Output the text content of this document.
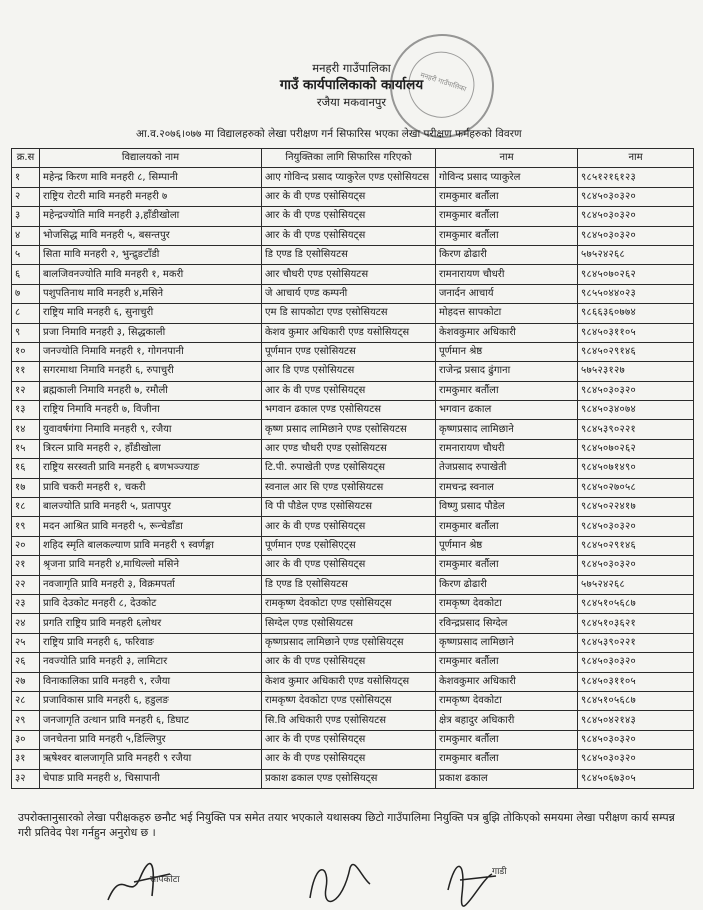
मनहरी गाउँपालिका
मनहरी गाउँपालिका
गाउँ कार्यपालिकाको कार्यालय
रजैया मकवानपुर
आ.व.२०७६।०७७ मा विद्यालहरुको लेखा परीक्षण गर्न सिफारिस भएका लेखा परीक्षण फर्महरुको विवरण
क्र.स	विद्यालयको नाम	नियुक्तिका लागि सिफारिस गरिएको	नाम	नाम
१	महेन्द्र किरण मावि मनहरी ८, सिम्पानी	आए गोविन्द प्रसाद प्याकुरेल एण्ड एसोसियटस	गोविन्द प्रसाद प्याकुरेल	९८५१२१६१२३
२	राष्ट्रिय रोटरी मावि मनहरी मनहरी ७	आर के वी एण्ड एसोसियट्स	रामकुमार बर्तौला	९८४५०३०३२०
३	महेन्द्रज्योति मावि मनहरी ३,हाँडीखोला	आर के वी एण्ड एसोसियट्स	रामकुमार बर्तौला	९८४५०३०३२०
४	भोजसिद्ध मावि मनहरी ५, बसन्तपुर	आर के वी एण्ड एसोसियट्स	रामकुमार बर्तौला	९८४५०३०३२०
५	सिता मावि मनहरी २, भुन्द्रुङटाँडी	डि एण्ड डि एसोसियटस	किरण ढोढारी	५७५२४२६८
६	बालजिवनज्योति मावि मनहरी १, मकरी	आर चौधरी एण्ड एसोसियटस	रामनारायण चौधरी	९८४५०७०२६२
७	पशुपतिनाथ मावि मनहरी ४,मसिने	जे आचार्य एण्ड कम्पनी	जनार्दन आचार्य	९८५५०४४०२३
८	राष्ट्रिय मावि मनहरी ६, सुनाचुरी	एम डि सापकोटा एण्ड एसोसियटस	मोहदत्त सापकोटा	९८६६३६०७७४
९	प्रजा निमावि मनहरी ३, सिद्धकाली	केशव कुमार अधिकारी एण्ड यसोसियट्स	केशवकुमार अधिकारी	९८४५०३११०५
१०	जनज्योति निमावि मनहरी १, गोगनपानी	पूर्णमान एण्ड एसोसियटस	पूर्णमान श्रेष्ठ	९८४५०२९१४६
११	सगरमाथा निमावि मनहरी ६, रुपाचुरी	आर डि एण्ड एसोसियटस	राजेन्द्र प्रसाद ढुंगाना	५७५२३१२७
१२	ब्रह्मकाली निमावि मनहरी ७, रमौली	आर के वी एण्ड एसोसियट्स	रामकुमार बर्तौला	९८४५०३०३२०
१३	राष्ट्रिय निमावि मनहरी ७, विजीना	भगवान ढकाल एण्ड एसोसियटस	भगवान ढकाल	९८४५०३४०७४
१४	युवावर्षगंगा निमावि मनहरी ९, रजैया	कृष्ण प्रसाद लामिछाने एण्ड एसोसियटस	कृष्णप्रसाद लामिछाने	९८४५३९०२२१
१५	त्रिरत्न प्रावि मनहरी २, हाँडीखोला	आर एण्ड चौधरी एण्ड एसोसियटस	रामनारायण चौधरी	९८४५०७०२६२
१६	राष्ट्रिय सरस्वती प्रावि मनहरी ६ बणभञ्ज्याङ	टि.पी. रुपाखेती एण्ड एसोसियट्स	तेजप्रसाद रुपाखेती	९८४५०७१४९०
१७	प्रावि चकरी मनहरी १, चकरी	स्वनाल आर सि एण्ड एसोसियटस	रामचन्द्र स्वनाल	९८४५०२७०५८
१८	बालज्योति प्रावि मनहरी ५, प्रतापपुर	वि पी पौडेल एण्ड एसोसियटस	विष्णु प्रसाद पौडेल	९८४५०२२४१७
१९	मदन आश्रित प्रावि मनहरी ५, रून्चेडाँडा	आर के वी एण्ड एसोसियट्स	रामकुमार बर्तौला	९८४५०३०३२०
२०	शहिद स्मृति बालकल्याण प्रावि मनहरी ९ स्वर्णङ्गा	पूर्णमान एण्ड एसोसिएट्स	पूर्णमान श्रेष्ठ	९८४५०२९१४६
२१	श्रृजना प्रावि मनहरी ४,माथिल्लो मसिने	आर के वी एण्ड एसोसियट्स	रामकुमार बर्तौला	९८४५०३०३२०
२२	नवजागृति प्रावि मनहरी ३, विक्रमपर्ता	डि एण्ड डि एसोसियटस	किरण ढोढारी	५७५२४२६८
२३	प्रावि देउकोट मनहरी ८, देउकोट	रामकृष्ण देवकोटा एण्ड एसोसियट्स	रामकृष्ण देवकोटा	९८४५१०५६८७
२४	प्रगति राष्ट्रिय प्रावि मनहरी ६लोथर	सिग्देल एण्ड एसोसियटस	रविन्द्रप्रसाद सिग्देल	९८४५१०३६२१
२५	राष्ट्रिय प्रावि मनहरी ६, फरिवाङ	कृष्णप्रसाद लामिछाने एण्ड एसोसियट्स	कृष्णप्रसाद लामिछाने	९८४५३९०२२१
२६	नवज्योति प्रावि मनहरी ३, लामिटार	आर के वी एण्ड एसोसियट्स	रामकुमार बर्तौला	९८४५०३०३२०
२७	विनाकालिका प्रावि मनहरी ९, रजैया	केशव कुमार अधिकारी एण्ड यसोसियट्स	केशवकुमार अधिकारी	९८४५०३११०५
२८	प्रजाविकास प्रावि मनहरी ६, हडुलङ	रामकृष्ण देवकोटा एण्ड एसोसियट्स	रामकृष्ण देवकोटा	९८४५१०५६८७
२९	जनजागृति उत्थान प्रावि मनहरी ६, डिघाट	सि.वि अधिकारी एण्ड एसोसियटस	क्षेत्र बहादुर अधिकारी	९८४५०४२१४३
३०	जनचेतना प्रावि मनहरी ५,डिल्लिपुर	आर के वी एण्ड एसोसियट्स	रामकुमार बर्तौला	९८४५०३०३२०
३१	ऋषेश्वर बालजागृति प्रावि मनहरी ९ रजैया	आर के वी एण्ड एसोसियट्स	रामकुमार बर्तौला	९८४५०३०३२०
३२	चेपाङ प्रावि मनहरी ४, चिसापानी	प्रकाश ढकाल एण्ड एसोसियट्स	प्रकाश ढकाल	९८४५०६७३०५
उपरोक्तानुसारको लेखा परीक्षकहरु छनौट भई नियुक्ति पत्र समेत तयार भएकाले यथासक्य छिटो गाउँपालिमा नियुक्ति पत्र बुझि तोकिएको समयमा लेखा परीक्षण कार्य सम्पन्न गरी प्रतिवेद पेश गर्नहुन अनुरोध छ ।
सापकोटा
गाडी
